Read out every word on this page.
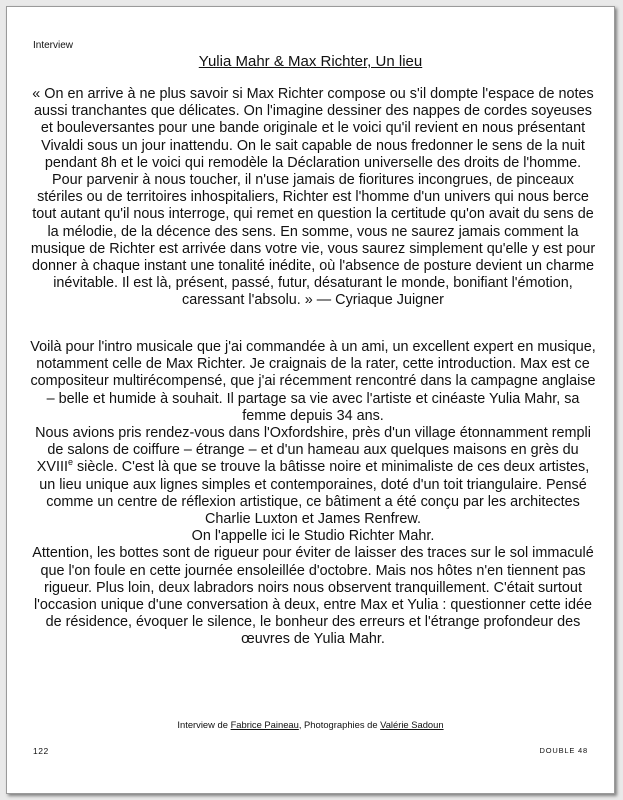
Interview
Yulia Mahr & Max Richter, Un lieu

« On en arrive à ne plus savoir si Max Richter compose ou s'il dompte l'espace de notes aussi tranchantes que délicates. On l'imagine dessiner des nappes de cordes soyeuses et bouleversantes pour une bande originale et le voici qu'il revient en nous présentant Vivaldi sous un jour inattendu. On le sait capable de nous fredonner le sens de la nuit pendant 8h et le voici qui remodèle la Déclaration universelle des droits de l'homme. Pour parvenir à nous toucher, il n'use jamais de fioritures incongrues, de pinceaux stériles ou de territoires inhospitaliers, Richter est l'homme d'un univers qui nous berce tout autant qu'il nous interroge, qui remet en question la certitude qu'on avait du sens de la mélodie, de la décence des sens. En somme, vous ne saurez jamais comment la musique de Richter est arrivée dans votre vie, vous saurez simplement qu'elle y est pour donner à chaque instant une tonalité inédite, où l'absence de posture devient un charme inévitable. Il est là, présent, passé, futur, désaturant le monde, bonifiant l'émotion, caressant l'absolu. » — Cyriaque Juigner

Voilà pour l'intro musicale que j'ai commandée à un ami, un excellent expert en musique, notamment celle de Max Richter. Je craignais de la rater, cette introduction. Max est ce compositeur multirécompensé, que j'ai récemment rencontré dans la campagne anglaise – belle et humide à souhait. Il partage sa vie avec l'artiste et cinéaste Yulia Mahr, sa femme depuis 34 ans.
Nous avions pris rendez-vous dans l'Oxfordshire, près d'un village étonnamment rempli de salons de coiffure – étrange – et d'un hameau aux quelques maisons en grès du XVIIIe siècle. C'est là que se trouve la bâtisse noire et minimaliste de ces deux artistes, un lieu unique aux lignes simples et contemporaines, doté d'un toit triangulaire. Pensé comme un centre de réflexion artistique, ce bâtiment a été conçu par les architectes Charlie Luxton et James Renfrew.
On l'appelle ici le Studio Richter Mahr.
Attention, les bottes sont de rigueur pour éviter de laisser des traces sur le sol immaculé que l'on foule en cette journée ensoleillée d'octobre. Mais nos hôtes n'en tiennent pas rigueur. Plus loin, deux labradors noirs nous observent tranquillement. C'était surtout l'occasion unique d'une conversation à deux, entre Max et Yulia : questionner cette idée de résidence, évoquer le silence, le bonheur des erreurs et l'étrange profondeur des œuvres de Yulia Mahr.
Interview de Fabrice Paineau, Photographies de Valérie Sadoun
122	DOUBLE 48
